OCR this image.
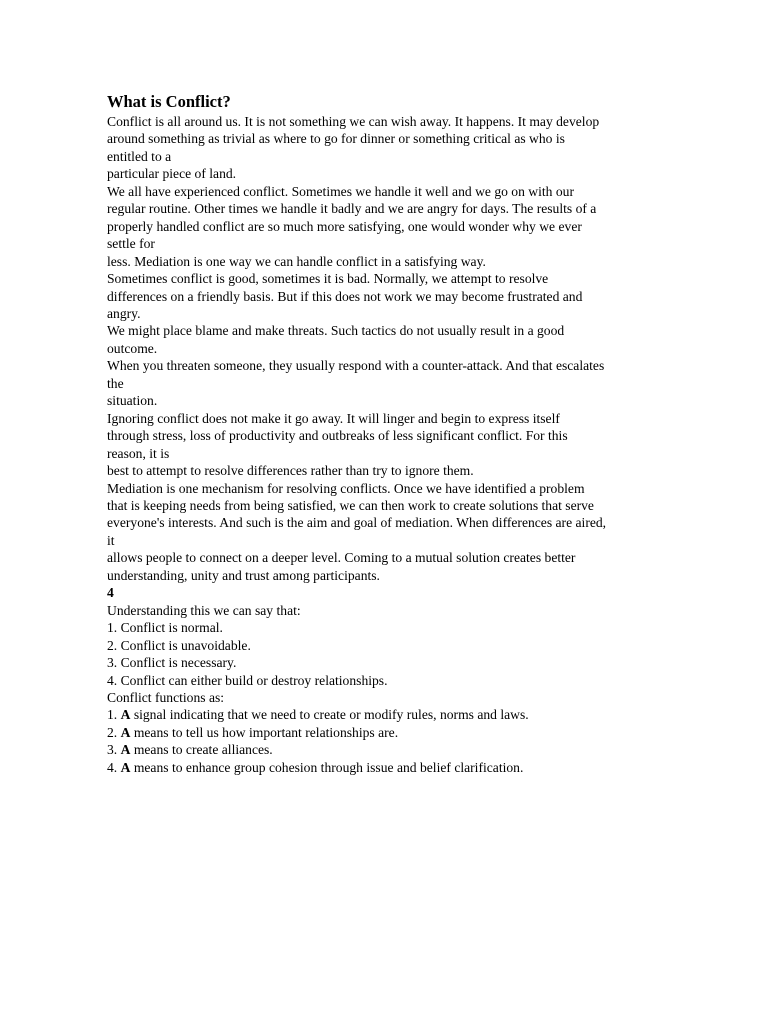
What is Conflict?
Conflict is all around us. It is not something we can wish away. It happens. It may develop
around something as trivial as where to go for dinner or something critical as who is
entitled to a
particular piece of land.
We all have experienced conflict. Sometimes we handle it well and we go on with our
regular routine. Other times we handle it badly and we are angry for days. The results of a
properly handled conflict are so much more satisfying, one would wonder why we ever
settle for
less. Mediation is one way we can handle conflict in a satisfying way.
Sometimes conflict is good, sometimes it is bad. Normally, we attempt to resolve
differences on a friendly basis. But if this does not work we may become frustrated and
angry.
We might place blame and make threats. Such tactics do not usually result in a good
outcome.
When you threaten someone, they usually respond with a counter-attack. And that escalates
the
situation.
Ignoring conflict does not make it go away. It will linger and begin to express itself
through stress, loss of productivity and outbreaks of less significant conflict. For this
reason, it is
best to attempt to resolve differences rather than try to ignore them.
Mediation is one mechanism for resolving conflicts. Once we have identified a problem
that is keeping needs from being satisfied, we can then work to create solutions that serve
everyone's interests. And such is the aim and goal of mediation. When differences are aired,
it
allows people to connect on a deeper level. Coming to a mutual solution creates better
understanding, unity and trust among participants.
4
Understanding this we can say that:
1. Conflict is normal.
2. Conflict is unavoidable.
3. Conflict is necessary.
4. Conflict can either build or destroy relationships.
Conflict functions as:
1. A signal indicating that we need to create or modify rules, norms and laws.
2. A means to tell us how important relationships are.
3. A means to create alliances.
4. A means to enhance group cohesion through issue and belief clarification.
